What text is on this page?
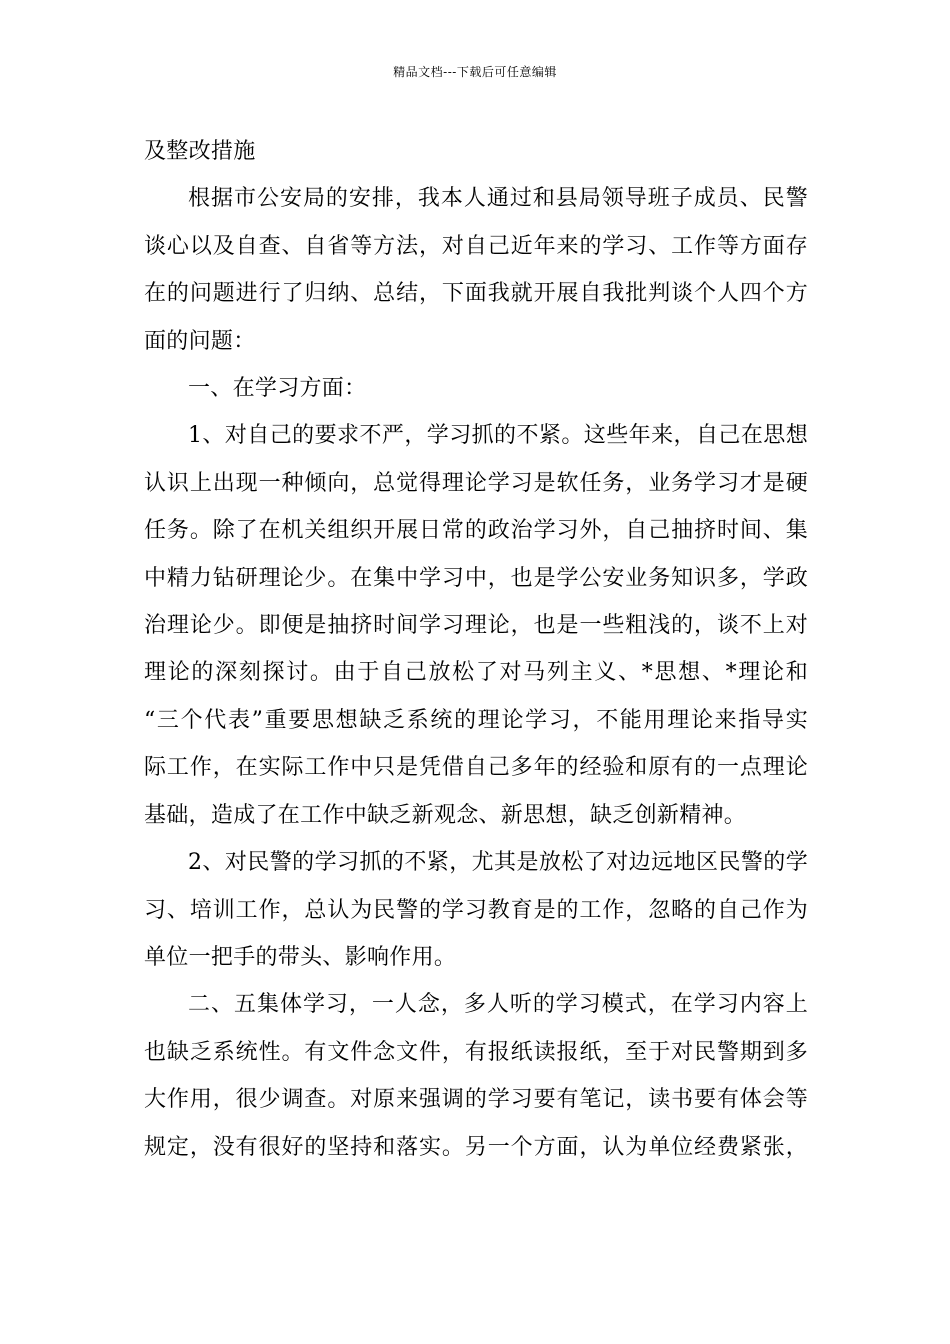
精品文档---下载后可任意编辑

及整改措施

根据市公安局的安排，我本人通过和县局领导班子成员、民警
谈心以及自查、自省等方法，对自己近年来的学习、工作等方面存
在的问题进行了归纳、总结，下面我就开展自我批判谈个人四个方
面的问题：

一、在学习方面：

1、对自己的要求不严，学习抓的不紧。这些年来，自己在思想
认识上出现一种倾向，总觉得理论学习是软任务，业务学习才是硬
任务。除了在机关组织开展日常的政治学习外，自己抽挤时间、集
中精力钻研理论少。在集中学习中，也是学公安业务知识多，学政
治理论少。即便是抽挤时间学习理论，也是一些粗浅的，谈不上对
理论的深刻探讨。由于自己放松了对马列主义、*思想、*理论和
“三个代表”重要思想缺乏系统的理论学习，不能用理论来指导实
际工作，在实际工作中只是凭借自己多年的经验和原有的一点理论
基础，造成了在工作中缺乏新观念、新思想，缺乏创新精神。

2、对民警的学习抓的不紧，尤其是放松了对边远地区民警的学
习、培训工作，总认为民警的学习教育是的工作，忽略的自己作为
单位一把手的带头、影响作用。

二、五集体学习，一人念，多人听的学习模式，在学习内容上
也缺乏系统性。有文件念文件，有报纸读报纸，至于对民警期到多
大作用，很少调查。对原来强调的学习要有笔记，读书要有体会等
规定，没有很好的坚持和落实。另一个方面，认为单位经费紧张，
